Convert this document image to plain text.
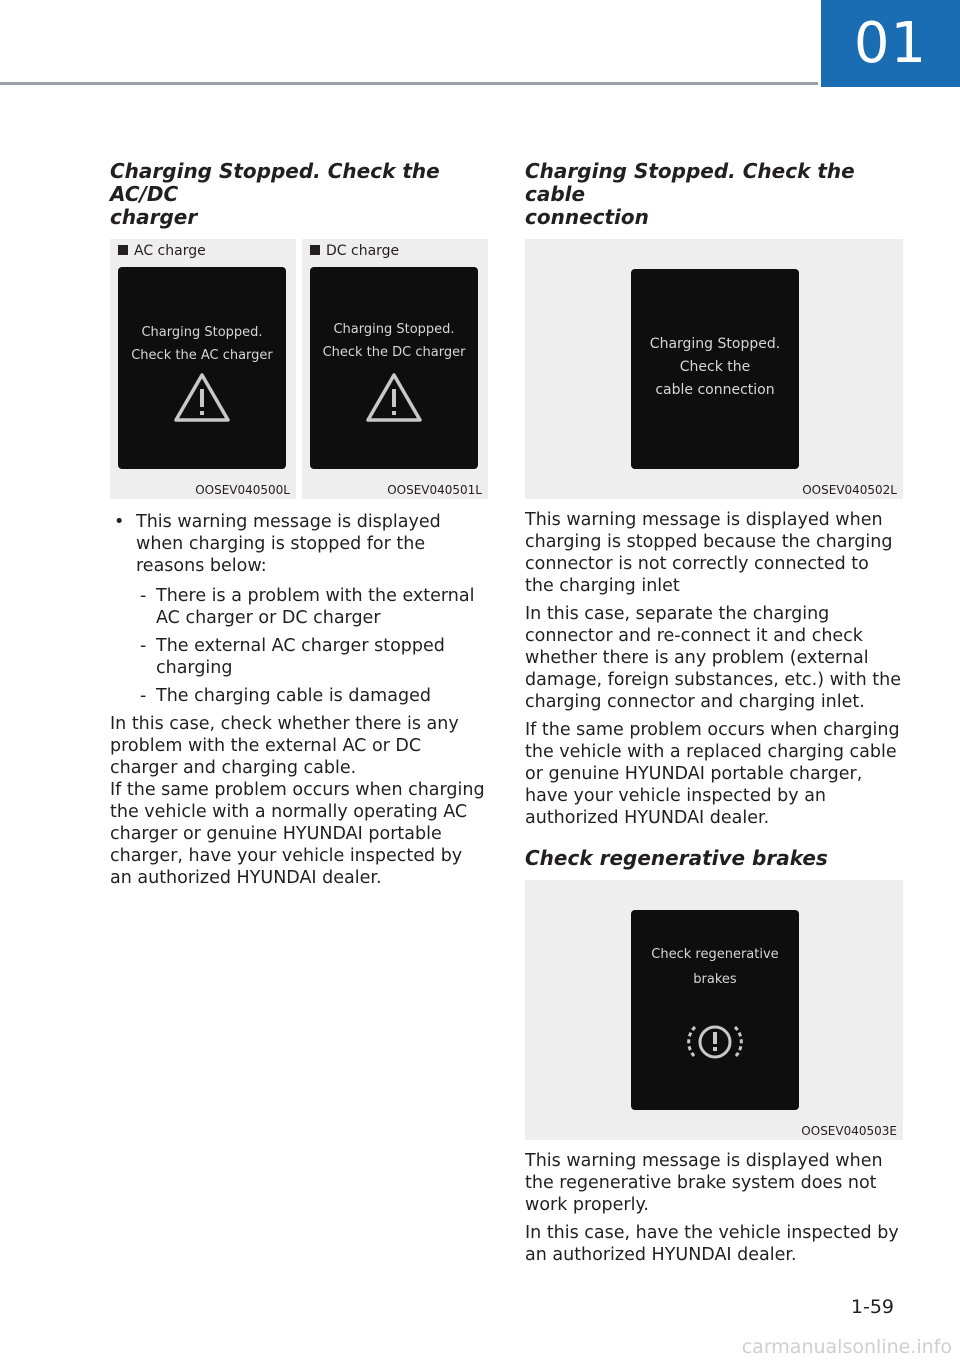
01
Charging Stopped. Check the AC/DC
charger
AC charge
Charging Stopped.
Check the AC charger
OOSEV040500L
DC charge
Charging Stopped.
Check the DC charger
OOSEV040501L
• This warning message is displayed when charging is stopped for the reasons below:
- There is a problem with the external AC charger or DC charger
- The external AC charger stopped charging
- The charging cable is damaged

In this case, check whether there is any problem with the external AC or DC charger and charging cable.

If the same problem occurs when charging the vehicle with a normally operating AC charger or genuine HYUNDAI portable charger, have your vehicle inspected by an authorized HYUNDAI dealer.

Charging Stopped. Check the cable
connection
Charging Stopped.
Check the
cable connection
OOSEV040502L

This warning message is displayed when charging is stopped because the charging connector is not correctly connected to the charging inlet

In this case, separate the charging connector and re-connect it and check whether there is any problem (external damage, foreign substances, etc.) with the charging connector and charging inlet.

If the same problem occurs when charging the vehicle with a replaced charging cable or genuine HYUNDAI portable charger, have your vehicle inspected by an authorized HYUNDAI dealer.

Check regenerative brakes
Check regenerative
brakes
OOSEV040503E

This warning message is displayed when the regenerative brake system does not work properly.

In this case, have the vehicle inspected by an authorized HYUNDAI dealer.

1-59
carmanualsonline.info
